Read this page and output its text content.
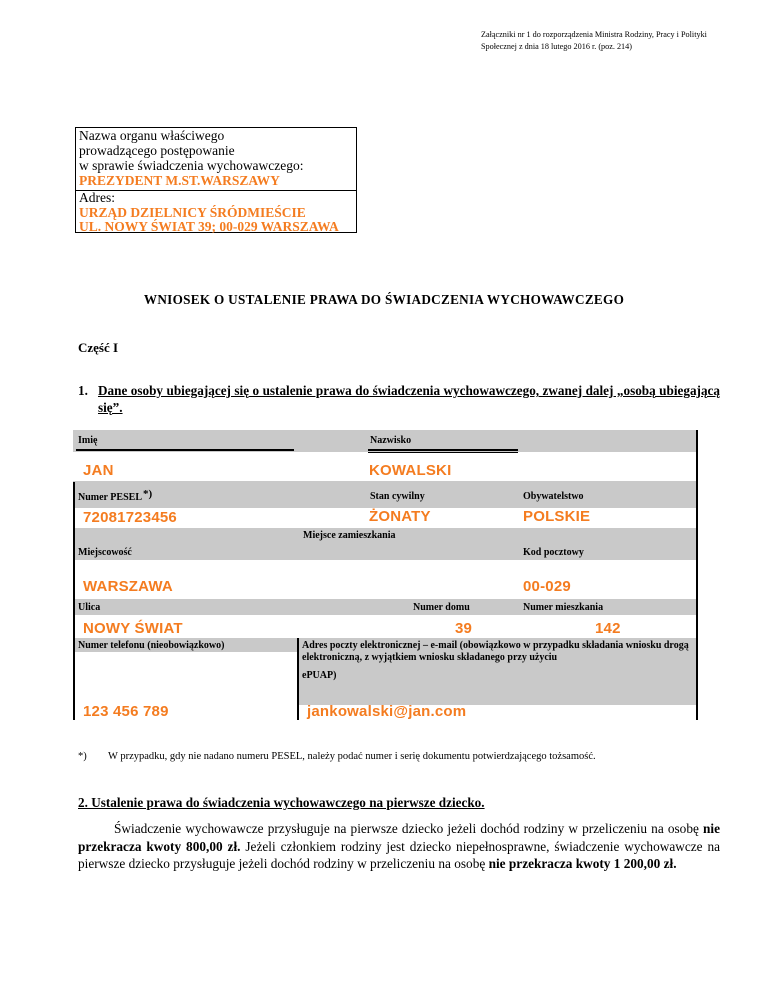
Załączniki nr 1 do rozporządzenia Ministra Rodziny, Pracy i Polityki Społecznej z dnia 18 lutego 2016 r. (poz. 214)
Nazwa organu właściwego
prowadzącego postępowanie
w sprawie świadczenia wychowawczego:
PREZYDENT M.ST.WARSZAWY
Adres:
URZĄD DZIELNICY ŚRÓDMIEŚCIE
UL. NOWY ŚWIAT 39; 00-029 WARSZAWA
WNIOSEK O USTALENIE PRAWA DO ŚWIADCZENIA WYCHOWAWCZEGO
Część I
1. Dane osoby ubiegającej się o ustalenie prawa do świadczenia wychowawczego, zwanej dalej „osobą ubiegającą się”.
Imię	Nazwisko
JAN	KOWALSKI
Numer PESEL*)	Stan cywilny	Obywatelstwo
72081723456	ŻONATY	POLSKIE
Miejsce zamieszkania
Miejscowość	Kod pocztowy
WARSZAWA	00-029
Ulica	Numer domu	Numer mieszkania
NOWY ŚWIAT	39	142
Numer telefonu (nieobowiązkowo)	Adres poczty elektronicznej – e-mail (obowiązkowo w przypadku składania wniosku drogą elektroniczną, z wyjątkiem wniosku składanego przy użyciu
ePUAP)
123 456 789	jankowalski@jan.com
*) W przypadku, gdy nie nadano numeru PESEL, należy podać numer i serię dokumentu potwierdzającego tożsamość.
2. Ustalenie prawa do świadczenia wychowawczego na pierwsze dziecko.
Świadczenie wychowawcze przysługuje na pierwsze dziecko jeżeli dochód rodziny w przeliczeniu na osobę nie przekracza kwoty 800,00 zł. Jeżeli członkiem rodziny jest dziecko niepełnosprawne, świadczenie wychowawcze na pierwsze dziecko przysługuje jeżeli dochód rodziny w przeliczeniu na osobę nie przekracza kwoty 1 200,00 zł.
